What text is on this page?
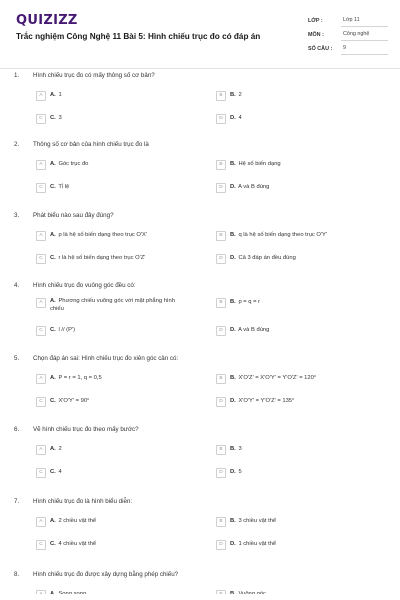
QUIZIZZ
Trắc nghiệm Công Nghệ 11 Bài 5: Hình chiếu trục đo có đáp án
LỚP :	Lớp 11
MÔN :	Công nghệ
SỐ CÂU :	9
1. Hình chiếu trục đo có mấy thông số cơ bản?
A	A. 1	B	B. 2
C	C. 3	D	D. 4
2. Thông số cơ bản của hình chiếu trục đo là
A	A. Góc trục đo	B	B. Hệ số biến dạng
C	C. Tỉ lệ	D	D. A và B đúng
3. Phát biểu nào sau đây đúng?
A	A. p là hệ số biến dạng theo trục O'X'	B	B. q là hệ số biến dạng theo trục O'Y'
C	C. r là hệ số biến dạng theo trục O'Z'	D	D. Cả 3 đáp án đều đúng
4. Hình chiếu trục đo vuông góc đều có:
A	A. Phương chiếu vuông góc với mặt phẳng hình chiếu
B	B. p = q = r
C	C. l // (P')	D	D. A và B đúng
5. Chọn đáp án sai: Hình chiếu trục đo xiên góc cân có:
A	A. P = r = 1, q = 0,5	B	B. X'O'Z' = X'O'Y' = Y'O'Z' = 120°
C	C. X'O'Y' = 90°	D	D. X'O'Y' = Y'O'Z' = 135°
6. Vẽ hình chiếu trục đo theo mấy bước?
A	A. 2	B	B. 3
C	C. 4	D	D. 5
7. Hình chiếu trục đo là hình biểu diễn:
A	A. 2 chiều vật thể	B	B. 3 chiều vật thể
C	C. 4 chiều vật thể	D	D. 1 chiều vật thể
8. Hình chiếu trục đo được xây dựng bằng phép chiếu?
